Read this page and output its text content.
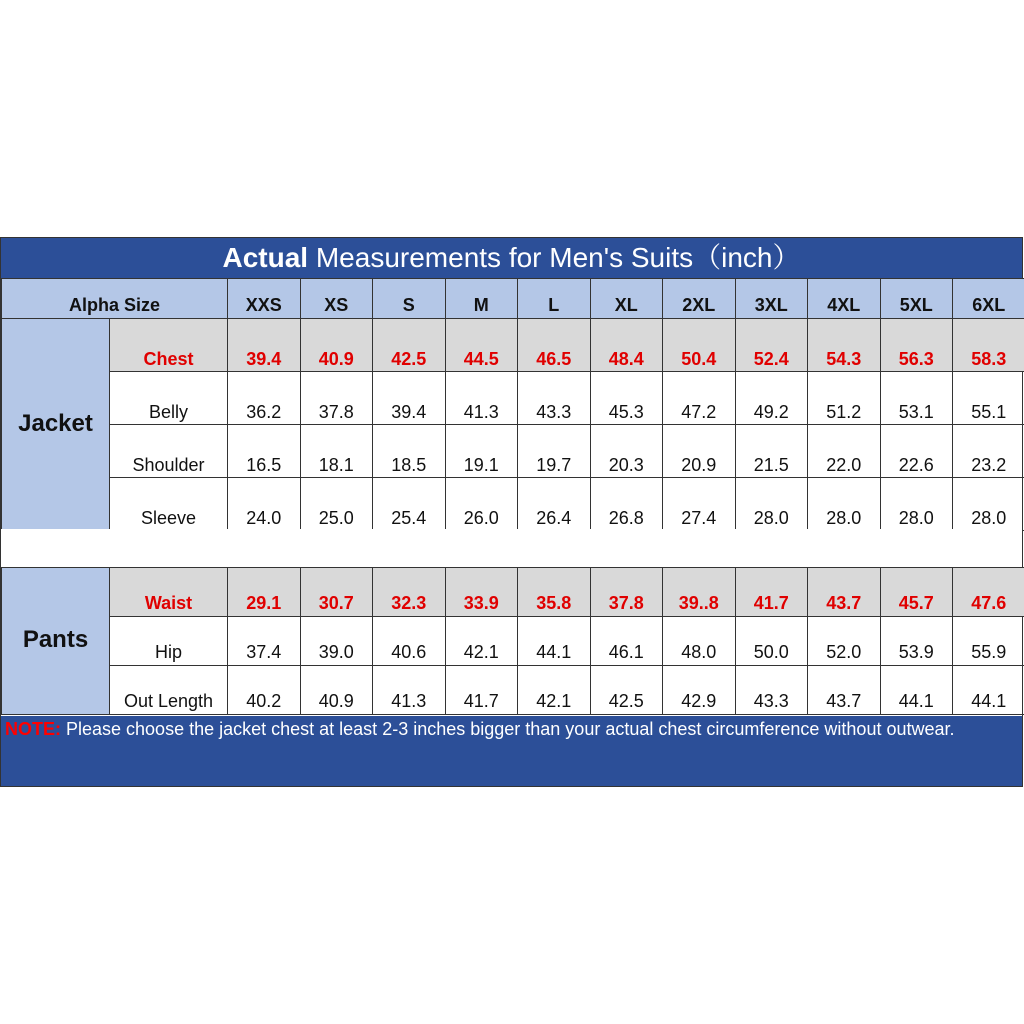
Actual Measurements for Men's Suits（inch）
Alpha Size	XXS	XS	S	M	L	XL	2XL	3XL	4XL	5XL	6XL
Jacket	Chest	39.4	40.9	42.5	44.5	46.5	48.4	50.4	52.4	54.3	56.3	58.3
	Belly	36.2	37.8	39.4	41.3	43.3	45.3	47.2	49.2	51.2	53.1	55.1
	Shoulder	16.5	18.1	18.5	19.1	19.7	20.3	20.9	21.5	22.0	22.6	23.2
	Sleeve	24.0	25.0	25.4	26.0	26.4	26.8	27.4	28.0	28.0	28.0	28.0
Pants	Waist	29.1	30.7	32.3	33.9	35.8	37.8	39..8	41.7	43.7	45.7	47.6
	Hip	37.4	39.0	40.6	42.1	44.1	46.1	48.0	50.0	52.0	53.9	55.9
	Out Length	40.2	40.9	41.3	41.7	42.1	42.5	42.9	43.3	43.7	44.1	44.1
NOTE: Please choose the jacket chest at least 2-3 inches bigger than your actual chest circumference without outwear.
